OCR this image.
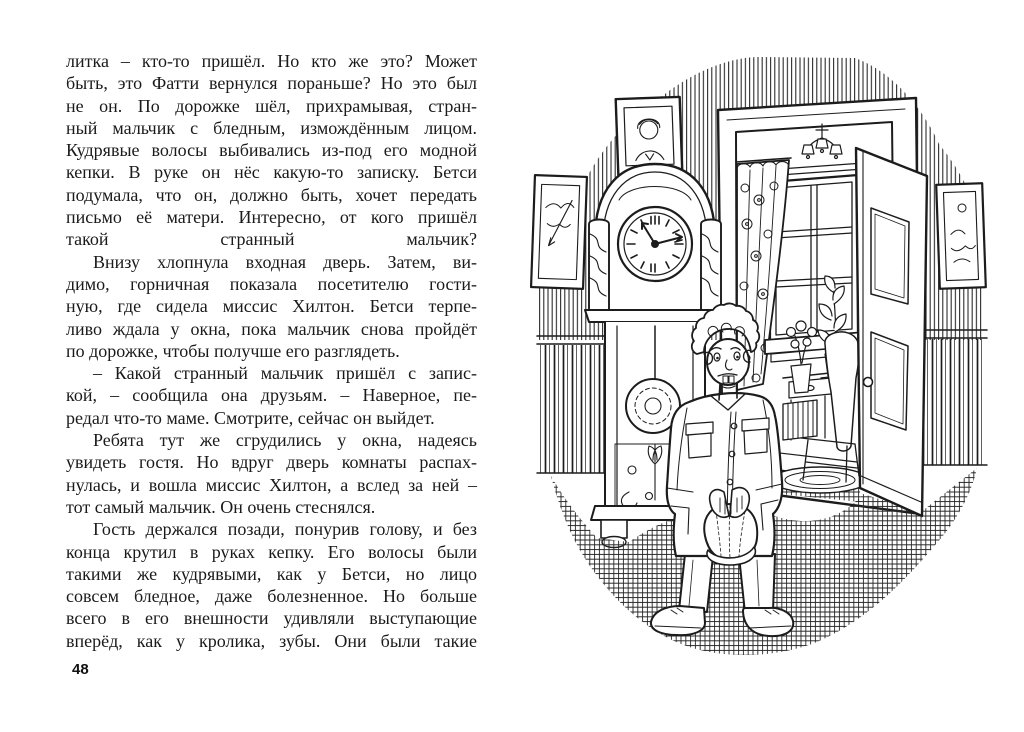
литка – кто-то пришёл. Но кто же это? Может
быть, это Фатти вернулся пораньше? Но это был
не он. По дорожке шёл, прихрамывая, стран-
ный мальчик с бледным, измождённым лицом.
Кудрявые волосы выбивались из-под его модной
кепки. В руке он нёс какую-то записку. Бетси
подумала, что он, должно быть, хочет передать
письмо её матери. Интересно, от кого пришёл
такой странный мальчик?
Внизу хлопнула входная дверь. Затем, ви-
димо, горничная показала посетителю гости-
ную, где сидела миссис Хилтон. Бетси терпе-
ливо ждала у окна, пока мальчик снова пройдёт
по дорожке, чтобы получше его разглядеть.
– Какой странный мальчик пришёл с запис-
кой, – сообщила она друзьям. – Наверное, пе-
редал что-то маме. Смотрите, сейчас он выйдет.
Ребята тут же сгрудились у окна, надеясь
увидеть гостя. Но вдруг дверь комнаты распах-
нулась, и вошла миссис Хилтон, а вслед за ней –
тот самый мальчик. Он очень стеснялся.
Гость держался позади, понурив голову, и без
конца крутил в руках кепку. Его волосы были
такими же кудрявыми, как у Бетси, но лицо
совсем бледное, даже болезненное. Но больше
всего в его внешности удивляли выступающие
вперёд, как у кролика, зубы. Они были такие
48
